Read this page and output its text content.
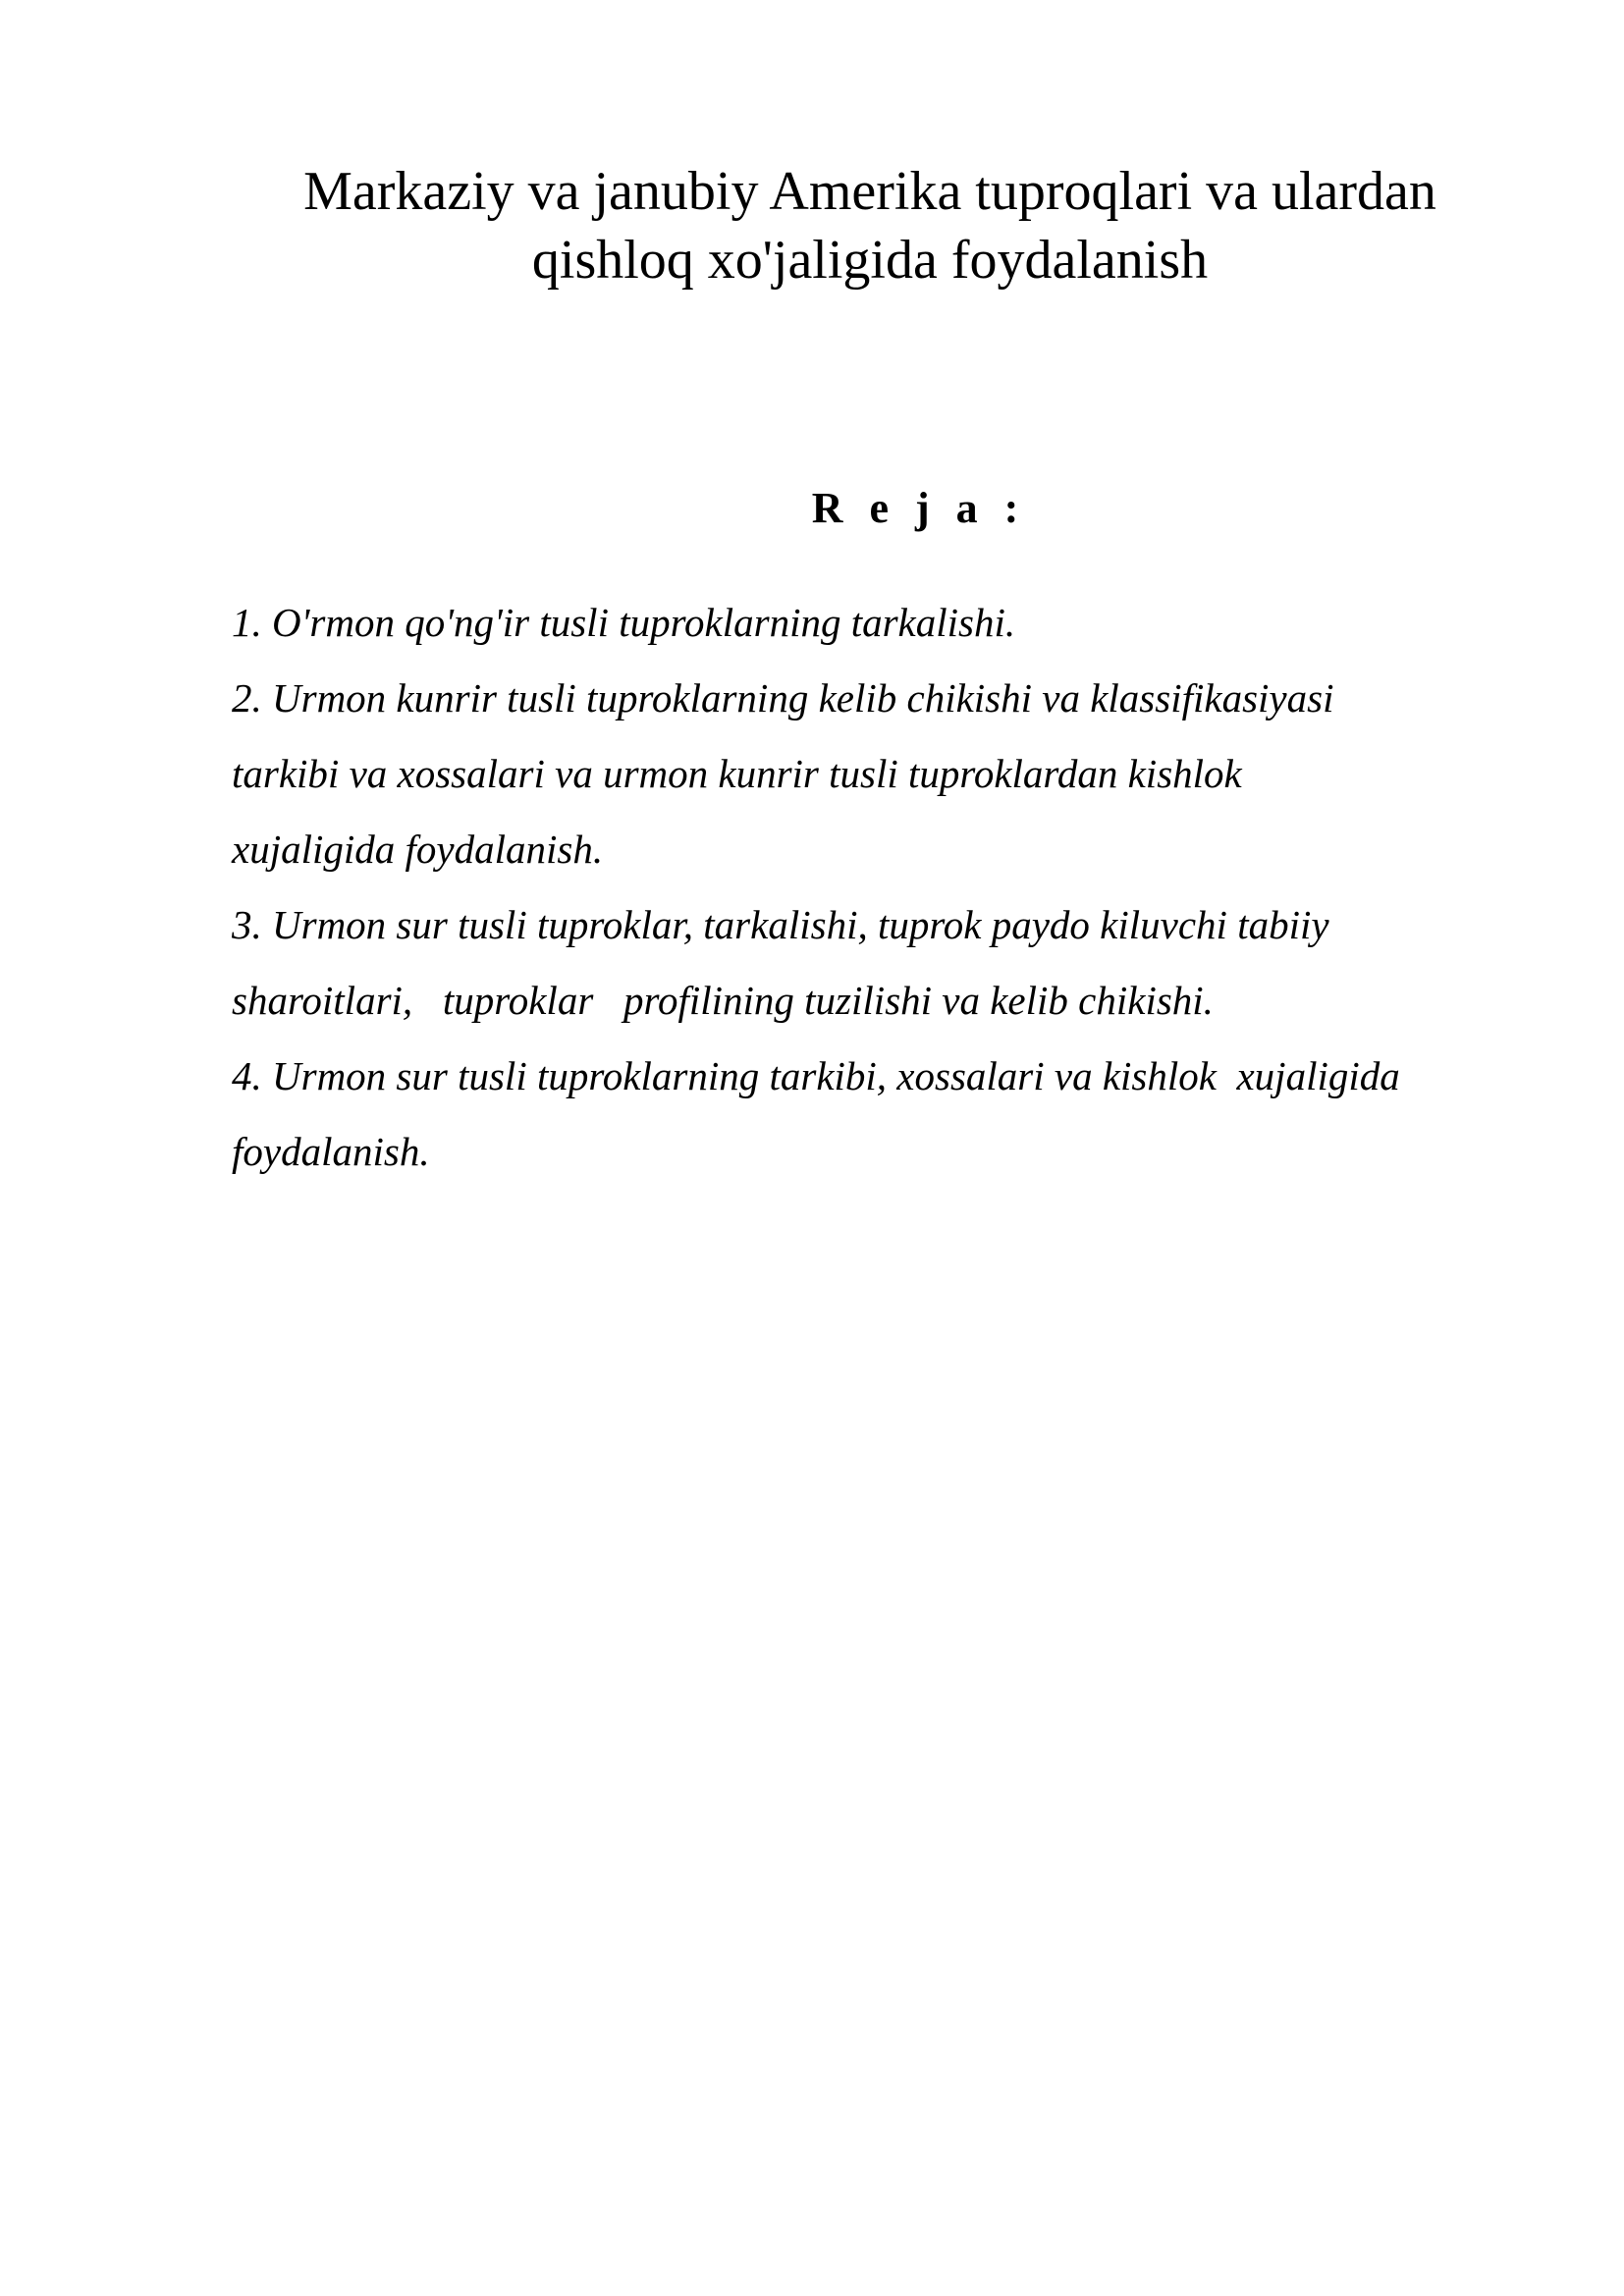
Markaziy va janubiy Amerika tuproqlari va ulardan
qishloq xo'jaligida foydalanish
R e j a :
1. O'rmon qo'ng'ir tusli tuproklarning tarkalishi.
2. Urmon kunrir tusli tuproklarning kelib chikishi va klassifikasiyasi
tarkibi va xossalari va urmon kunrir tusli tuproklardan kishlok
xujaligida foydalanish.
3. Urmon sur tusli tuproklar, tarkalishi, tuprok paydo kiluvchi tabiiy
sharoitlari,   tuproklar   profilining tuzilishi va kelib chikishi.
4. Urmon sur tusli tuproklarning tarkibi, xossalari va kishlok  xujaligida
foydalanish.
